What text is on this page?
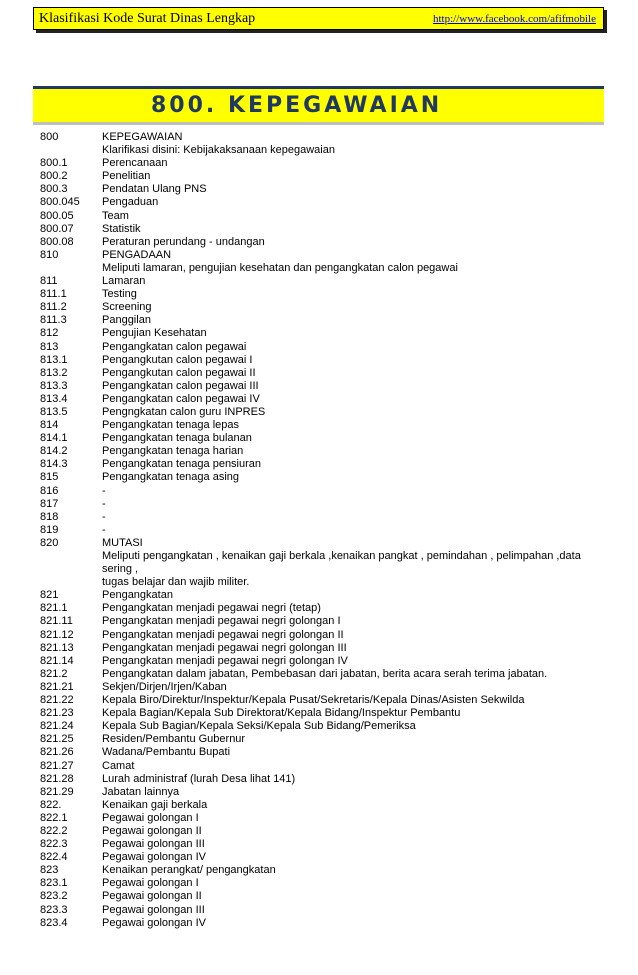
Klasifikasi Kode Surat Dinas Lengkap	http://www.facebook.com/afifmobile
800. KEPEGAWAIAN
800	KEPEGAWAIAN
Klarifikasi disini: Kebijakaksanaan kepegawaian
800.1	Perencanaan
800.2	Penelitian
800.3	Pendatan Ulang PNS
800.045	Pengaduan
800.05	Team
800.07	Statistik
800.08	Peraturan perundang - undangan
810	PENGADAAN
Meliputi lamaran, pengujian kesehatan dan pengangkatan calon pegawai
811	Lamaran
811.1	Testing
811.2	Screening
811.3	Panggilan
812	Pengujian Kesehatan
813	Pengangkatan calon pegawai
813.1	Pengangkutan calon pegawai I
813.2	Pengangkutan calon pegawai II
813.3	Pengangkatan calon pegawai III
813.4	Pengangkatan calon pegawai IV
813.5	Pengngkatan calon guru INPRES
814	Pengangkatan tenaga lepas
814.1	Pengangkatan tenaga bulanan
814.2	Pengangkatan tenaga harian
814.3	Pengangkatan tenaga pensiuran
815	Pengangkatan tenaga asing
816	-
817	-
818	-
819	-
820	MUTASI
Meliputi pengangkatan , kenaikan gaji berkala ,kenaikan pangkat , pemindahan , pelimpahan ,data sering ,
tugas belajar dan wajib militer.
821	Pengangkatan
821.1	Pengangkatan menjadi pegawai negri (tetap)
821.11	Pengangkatan menjadi pegawai negri golongan I
821.12	Pengangkatan menjadi pegawai negri golongan II
821.13	Pengangkatan menjadi pegawai negri golongan III
821.14	Pengangkatan menjadi pegawai negri golongan IV
821.2	Pengangkatan dalam jabatan, Pembebasan dari jabatan, berita acara serah terima jabatan.
821.21	Sekjen/Dirjen/Irjen/Kaban
821.22	Kepala Biro/Direktur/Inspektur/Kepala Pusat/Sekretaris/Kepala Dinas/Asisten Sekwilda
821.23	Kepala Bagian/Kepala Sub Direktorat/Kepala Bidang/Inspektur Pembantu
821.24	Kepala Sub Bagian/Kepala Seksi/Kepala Sub Bidang/Pemeriksa
821.25	Residen/Pembantu Gubernur
821.26	Wadana/Pembantu Bupati
821.27	Camat
821.28	Lurah administraf (lurah Desa lihat 141)
821.29	Jabatan lainnya
822.	Kenaikan gaji berkala
822.1	Pegawai golongan I
822.2	Pegawai golongan II
822.3	Pegawai golongan III
822.4	Pegawai golongan IV
823	Kenaikan perangkat/ pengangkatan
823.1	Pegawai golongan I
823.2	Pegawai golongan II
823.3	Pegawai golongan III
823.4	Pegawai golongan IV
